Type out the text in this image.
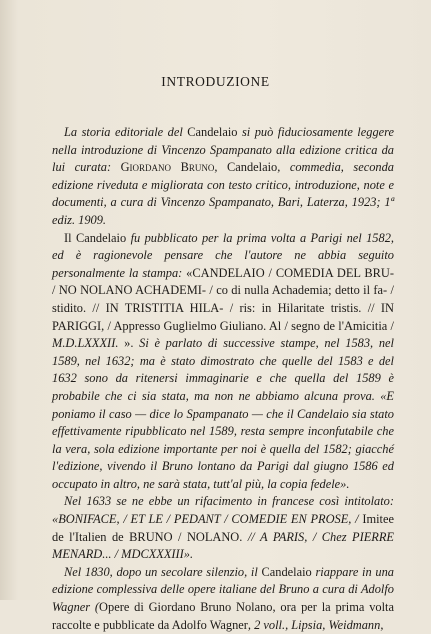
INTRODUZIONE

La storia editoriale del Candelaio si può fiduciosamente leggere nella introduzione di Vincenzo Spampanato alla edizione critica da lui curata: Giordano Bruno, Candelaio, commedia, seconda edizione riveduta e migliorata con testo critico, introduzione, note e documenti, a cura di Vincenzo Spampanato, Bari, Laterza, 1923; 1ª ediz. 1909.

Il Candelaio fu pubblicato per la prima volta a Parigi nel 1582, ed è ragionevole pensare che l'autore ne abbia seguito personalmente la stampa: «CANDELAIO / COMEDIA DEL BRU- / NO NOLANO ACHADEMI- / co di nulla Achademia; detto il fa- / stidito. // IN TRISTITIA HILA- / ris: in Hilaritate tristis. // IN PARIGGI, / Appresso Guglielmo Giuliano. Al / segno de l'Amicitia / M.D.LXXXII. ». Si è parlato di successive stampe, nel 1583, nel 1589, nel 1632; ma è stato dimostrato che quelle del 1583 e del 1632 sono da ritenersi immaginarie e che quella del 1589 è probabile che ci sia stata, ma non ne abbiamo alcuna prova. «E poniamo il caso — dice lo Spampanato — che il Candelaio sia stato effettivamente ripubblicato nel 1589, resta sempre inconfutabile che la vera, sola edizione importante per noi è quella del 1582; giacché l'edizione, vivendo il Bruno lontano da Parigi dal giugno 1586 ed occupato in altro, ne sarà stata, tutt'al più, la copia fedele».

Nel 1633 se ne ebbe un rifacimento in francese così intitolato: «BONIFACE, / ET LE / PEDANT / COMEDIE EN PROSE, / Imitee de l'Italien de BRUNO / NOLANO. // A PARIS, / Chez PIERRE MENARD... / MDCXXXIII».

Nel 1830, dopo un secolare silenzio, il Candelaio riappare in una edizione complessiva delle opere italiane del Bruno a cura di Adolfo Wagner (Opere di Giordano Bruno Nolano, ora per la prima volta raccolte e pubblicate da Adolfo Wagner, 2 voll., Lipsia, Weidmann,
